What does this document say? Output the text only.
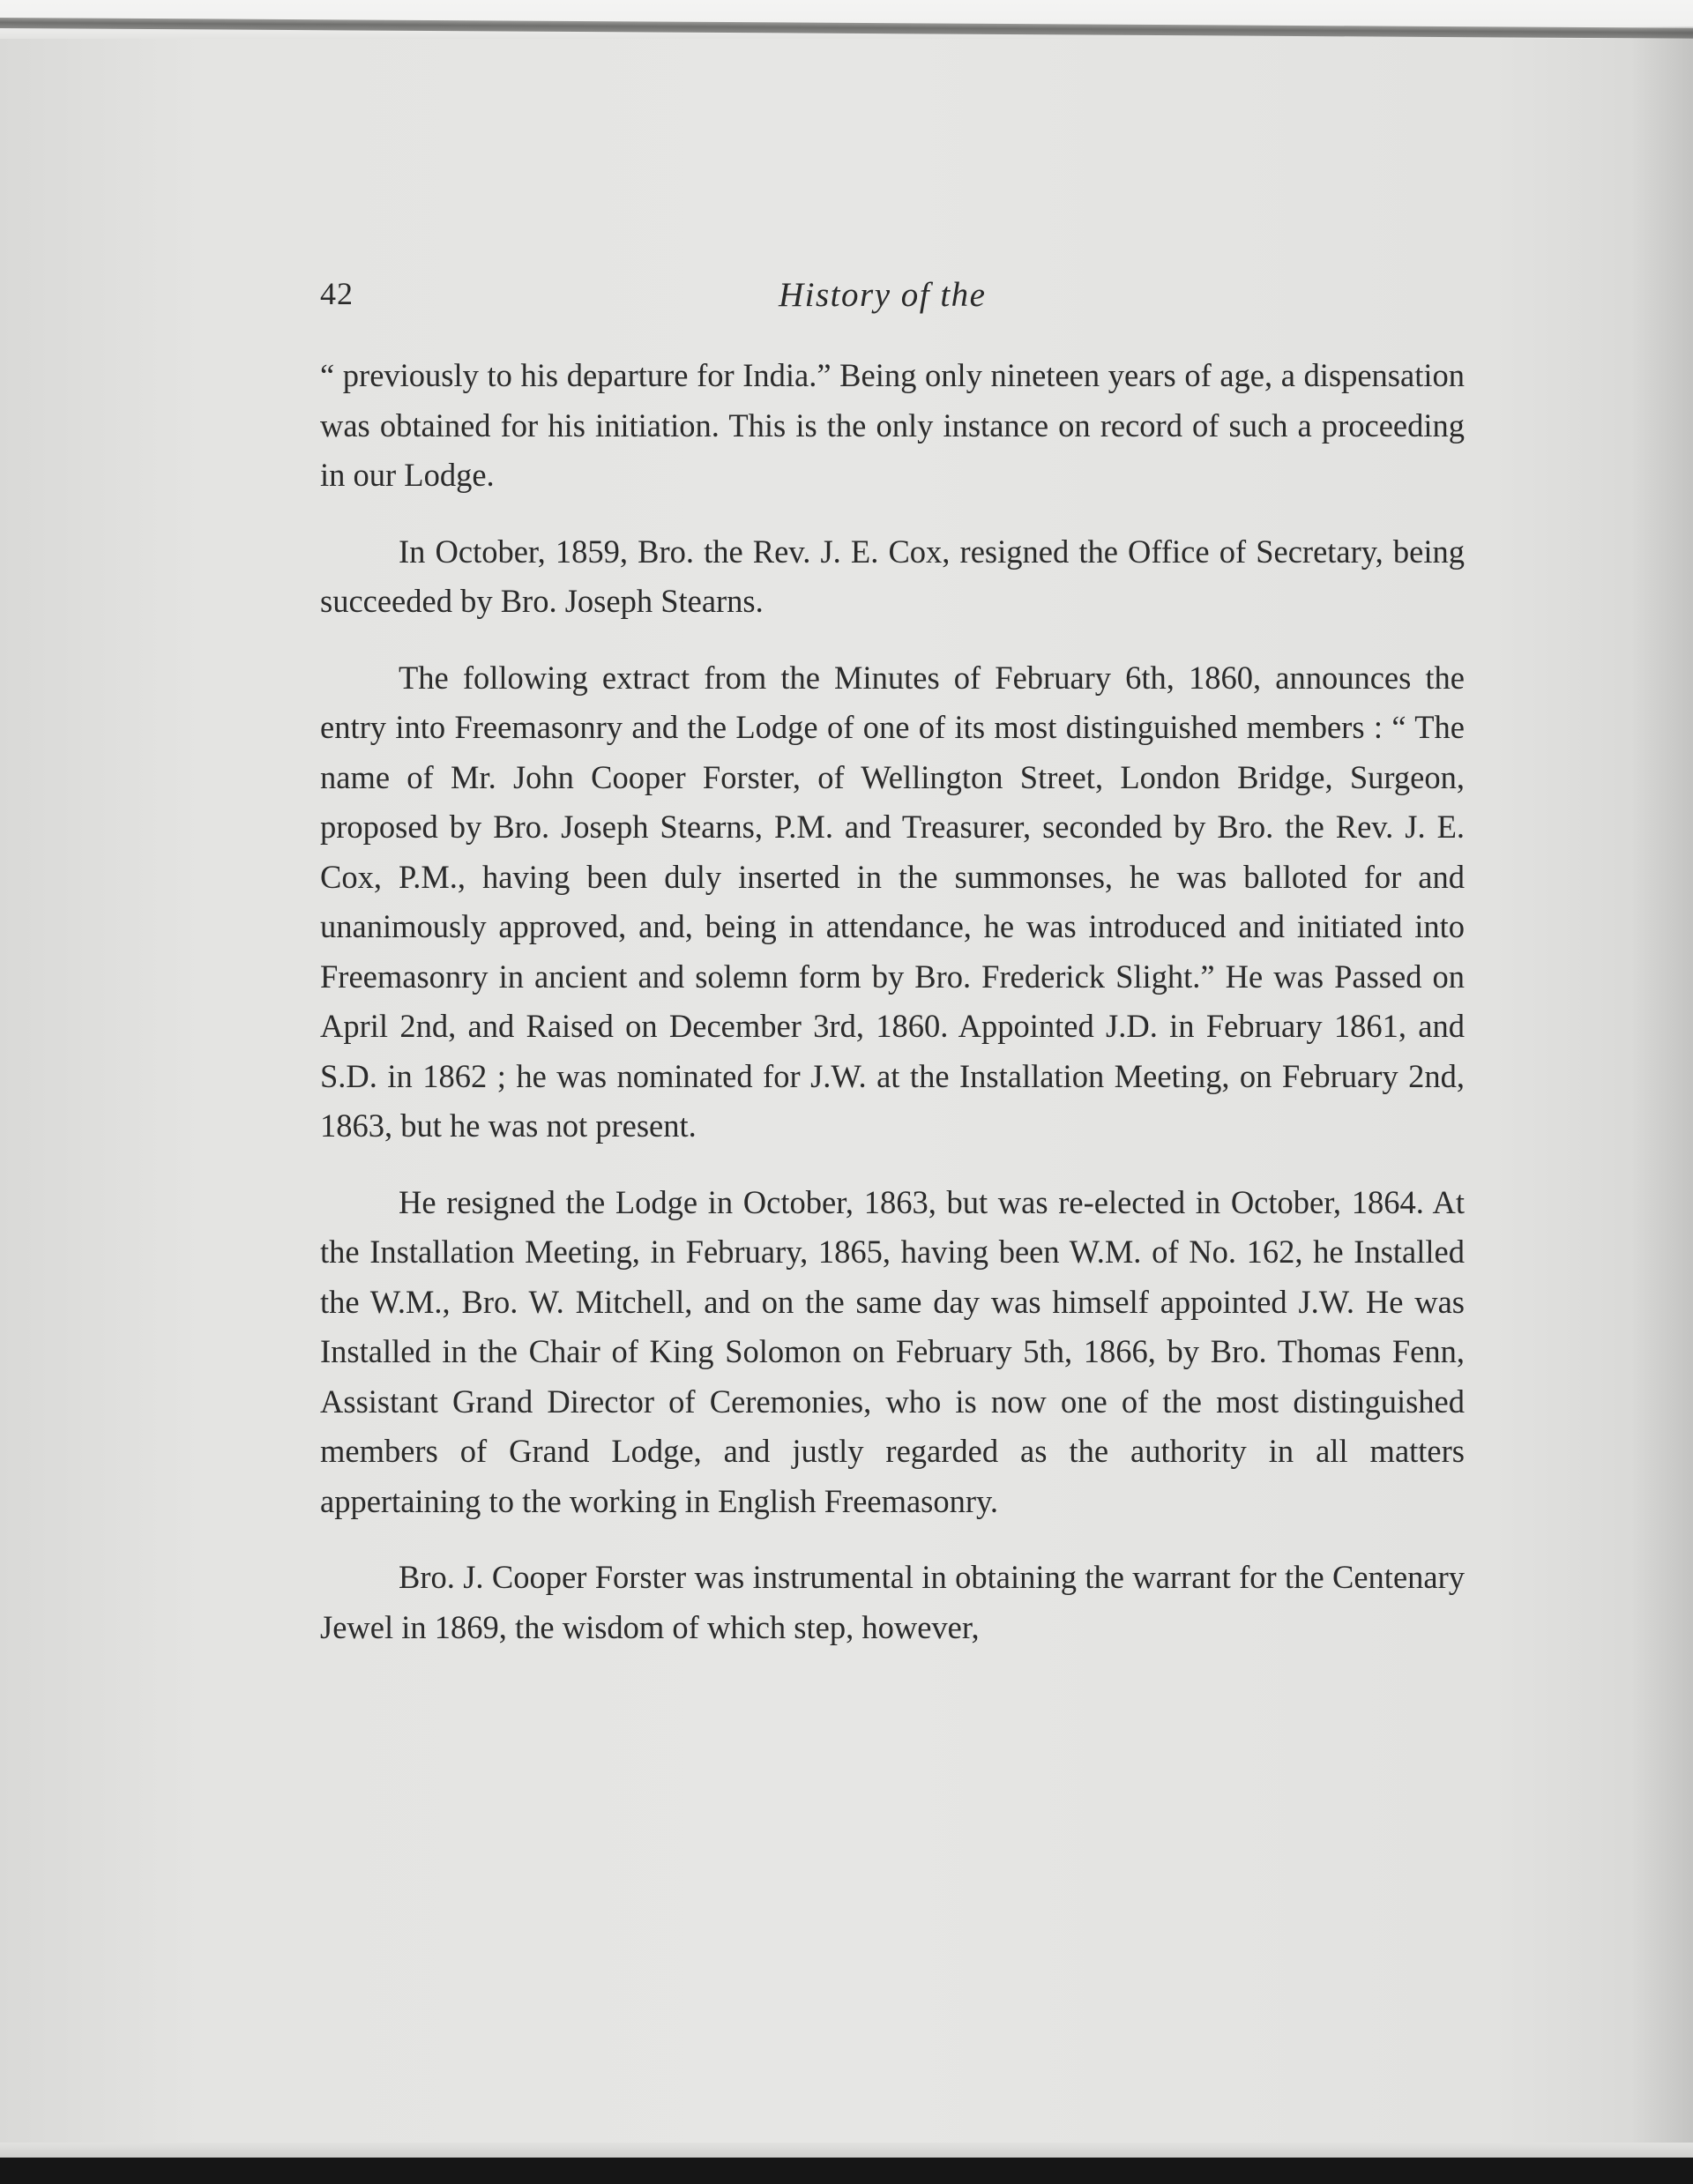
42	History of the

“ previously to his departure for India.” Being only nineteen years of age, a dispensation was obtained for his initiation. This is the only instance on record of such a proceeding in our Lodge.

In October, 1859, Bro. the Rev. J. E. Cox, resigned the Office of Secretary, being succeeded by Bro. Joseph Stearns.

The following extract from the Minutes of February 6th, 1860, announces the entry into Freemasonry and the Lodge of one of its most distinguished members : “ The name of Mr. John Cooper Forster, of Wellington Street, London Bridge, Surgeon, proposed by Bro. Joseph Stearns, P.M. and Treasurer, seconded by Bro. the Rev. J. E. Cox, P.M., having been duly inserted in the summonses, he was balloted for and unanimously approved, and, being in attendance, he was introduced and initiated into Freemasonry in ancient and solemn form by Bro. Frederick Slight.” He was Passed on April 2nd, and Raised on December 3rd, 1860. Appointed J.D. in February 1861, and S.D. in 1862 ; he was nominated for J.W. at the Installation Meeting, on February 2nd, 1863, but he was not present.

He resigned the Lodge in October, 1863, but was re-elected in October, 1864. At the Installation Meeting, in February, 1865, having been W.M. of No. 162, he Installed the W.M., Bro. W. Mitchell, and on the same day was himself appointed J.W. He was Installed in the Chair of King Solomon on February 5th, 1866, by Bro. Thomas Fenn, Assistant Grand Director of Ceremonies, who is now one of the most distinguished members of Grand Lodge, and justly regarded as the authority in all matters appertaining to the working in English Freemasonry.

Bro. J. Cooper Forster was instrumental in obtaining the warrant for the Centenary Jewel in 1869, the wisdom of which step, however,
